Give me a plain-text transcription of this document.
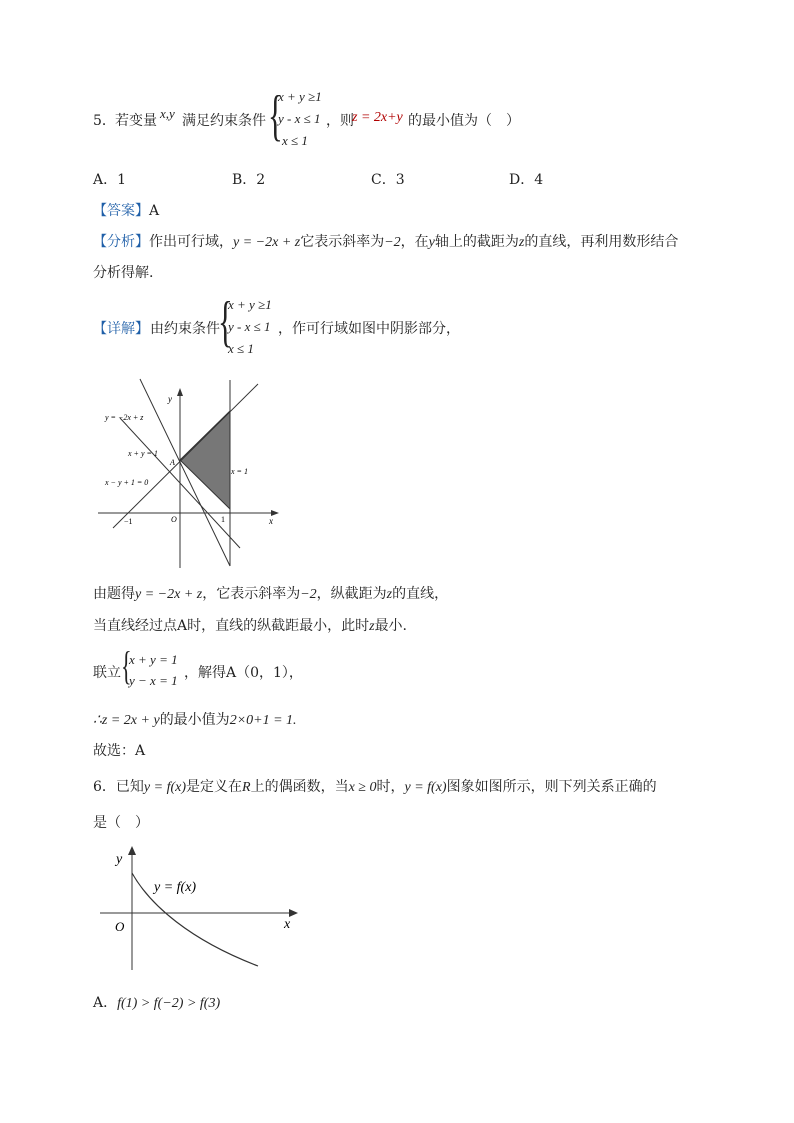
5． 若变量 x,y 满足约束条件 {
x + y ≥1
y - x ≤ 1
x ≤ 1
，则
z = 2x+y 的最小值为（　）
A．1	B．2	C．3	D．4
【答案】A
【分析】作出可行域，y = −2x + z它表示斜率为−2，在y轴上的截距为z的直线，再利用数形结合
分析得解.
【详解】 由约束条件
{
x + y ≥1
y - x ≤ 1
x ≤ 1
，作可行域如图中阴影部分，
y = −2x + z
x + y = 1
x − y + 1 = 0
x = 1
A
O	1
−1	x
y
由题得y = −2x + z，它表示斜率为−2，纵截距为z的直线，
当直线经过点A时，直线的纵截距最小，此时z最小.
联立 {
x + y = 1
y − x = 1 ，解得A（0，1），
∴z = 2x + y的最小值为2×0+1 = 1.
故选：A
6．已知y = f(x)是定义在R上的偶函数，当x ≥ 0时，y = f(x)图象如图所示，则下列关系正确的
是（　）
y
O	x
y = f(x)
A．f(1) > f(−2) > f(3)
